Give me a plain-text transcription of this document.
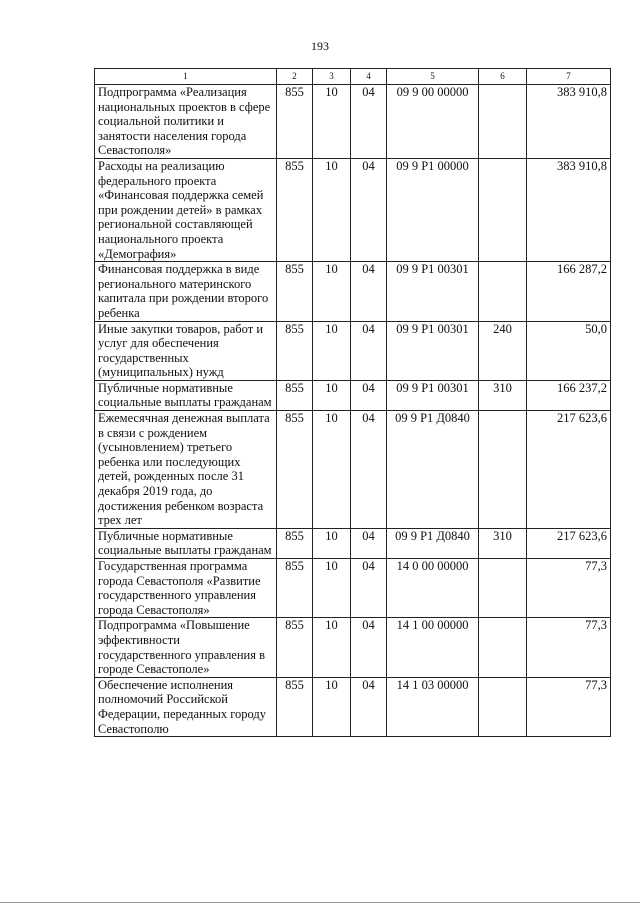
193
1	2	3	4	5	6	7
Подпрограмма «Реализация национальных проектов в сфере социальной политики и занятости населения города Севастополя»	855	10	04	09 9 00 00000		383 910,8
Расходы на реализацию федерального проекта «Финансовая поддержка семей при рождении детей» в рамках региональной составляющей национального проекта «Демография»	855	10	04	09 9 P1 00000		383 910,8
Финансовая поддержка в виде регионального материнского капитала при рождении второго ребенка	855	10	04	09 9 P1 00301		166 287,2
Иные закупки товаров, работ и услуг для обеспечения государственных (муниципальных) нужд	855	10	04	09 9 P1 00301	240	50,0
Публичные нормативные социальные выплаты гражданам	855	10	04	09 9 P1 00301	310	166 237,2
Ежемесячная денежная выплата в связи с рождением (усыновлением) третьего ребенка или последующих детей, рожденных после 31 декабря 2019 года, до достижения ребенком возраста трех лет	855	10	04	09 9 P1 Д0840		217 623,6
Публичные нормативные социальные выплаты гражданам	855	10	04	09 9 P1 Д0840	310	217 623,6
Государственная программа города Севастополя «Развитие государственного управления города Севастополя»	855	10	04	14 0 00 00000		77,3
Подпрограмма «Повышение эффективности государственного управления в городе Севастополе»	855	10	04	14 1 00 00000		77,3
Обеспечение исполнения полномочий Российской Федерации, переданных городу Севастополю	855	10	04	14 1 03 00000		77,3
